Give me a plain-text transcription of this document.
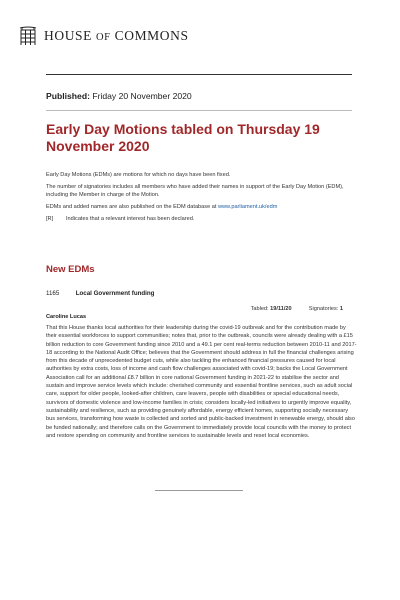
HOUSE OF COMMONS
Published: Friday 20 November 2020
Early Day Motions tabled on Thursday 19 November 2020

Early Day Motions (EDMs) are motions for which no days have been fixed.

The number of signatories includes all members who have added their names in support of the Early Day Motion (EDM), including the Member in charge of the Motion.

EDMs and added names are also published on the EDM database at www.parliament.uk/edm

[R] Indicates that a relevant interest has been declared.

New EDMs
1165	Local Government funding
Tabled: 19/11/20	Signatories: 1
Caroline Lucas

That this House thanks local authorities for their leadership during the covid-19 outbreak and for the contribution made by their essential workforces to support communities; notes that, prior to the outbreak, councils were already dealing with a £15 billion reduction to core Government funding since 2010 and a 49.1 per cent real-terms reduction between 2010-11 and 2017-18 according to the National Audit Office; believes that the Government should address in full the financial challenges arising from this decade of unprecedented budget cuts, while also tackling the enhanced financial pressures caused for local authorities by extra costs, loss of income and cash flow challenges associated with covid-19; backs the Local Government Association call for an additional £8.7 billion in core national Government funding in 2021-22 to stabilise the sector and sustain and improve service levels which include: cherished community and essential frontline services, such as adult social care, support for older people, looked-after children, care leavers, people with disabilities or special educational needs, survivors of domestic violence and low-income families in crisis; considers locally-led initiatives to urgently improve equality, sustainability and resilience, such as providing genuinely affordable, energy efficient homes, supporting socially necessary bus services, transforming how waste is collected and sorted and public-backed investment in renewable energy, should also be funded nationally; and therefore calls on the Government to immediately provide local councils with the money to protect and restore spending on community and frontline services to sustainable levels and reset local economies.
